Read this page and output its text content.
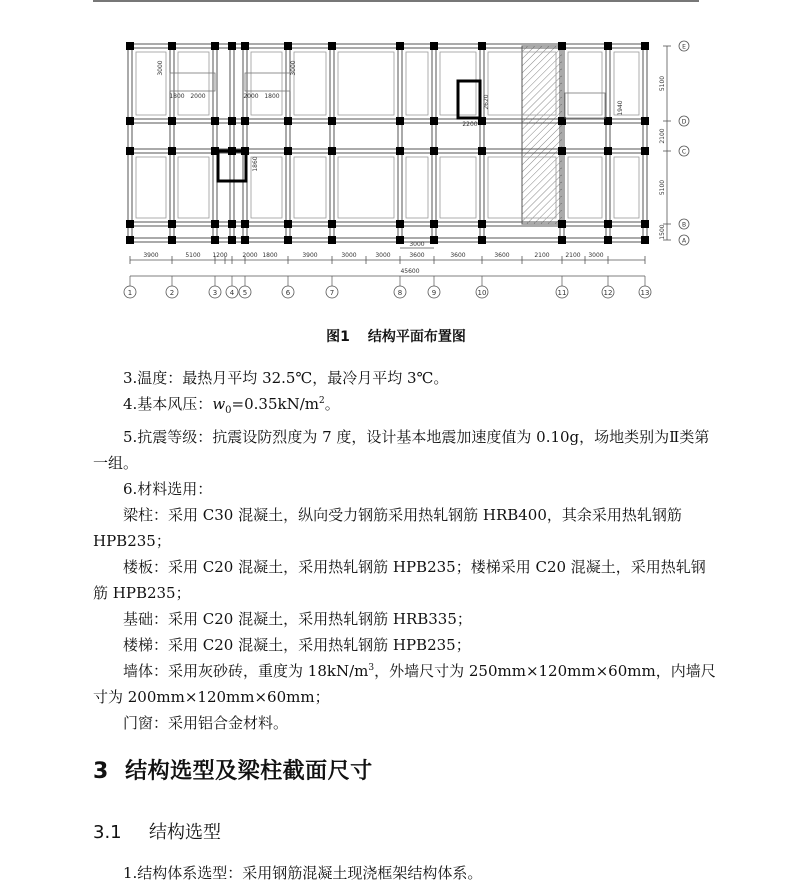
1800 2000	2000 1800
3000	3000
2620
2200
1940
1860
3900	5100 1200 2000 1800	3900	3000	3000	3600	3600	3600	2100	2100 3000
3000
45600
1	2	3 4 5	6	7	8	9	10	11	12	13
5100
2100
5100
1500
E
D
C
B
A
图1 结构平面布置图

3.温度：最热月平均 32.5℃，最冷月平均 3℃。

4.基本风压：$w_0=0.35kN/m^2$。

5.抗震等级：抗震设防烈度为 7 度，设计基本地震加速度值为 0.10g，场地类别为Ⅱ类第一组。

6.材料选用：

梁柱：采用 C30 混凝土，纵向受力钢筋采用热轧钢筋 HRB400，其余采用热轧钢筋 HPB235；

楼板：采用 C20 混凝土，采用热轧钢筋 HPB235；楼梯采用 C20 混凝土，采用热轧钢筋 HPB235；

基础：采用 C20 混凝土，采用热轧钢筋 HRB335；

楼梯：采用 C20 混凝土，采用热轧钢筋 HPB235；

墙体：采用灰砂砖，重度为 $18kN/m^3$，外墙尺寸为 250mm×120mm×60mm，内墙尺寸为 200mm×120mm×60mm；

门窗：采用铝合金材料。

3 结构选型及梁柱截面尺寸
3.1 结构选型
1.结构体系选型：采用钢筋混凝土现浇框架结构体系。
